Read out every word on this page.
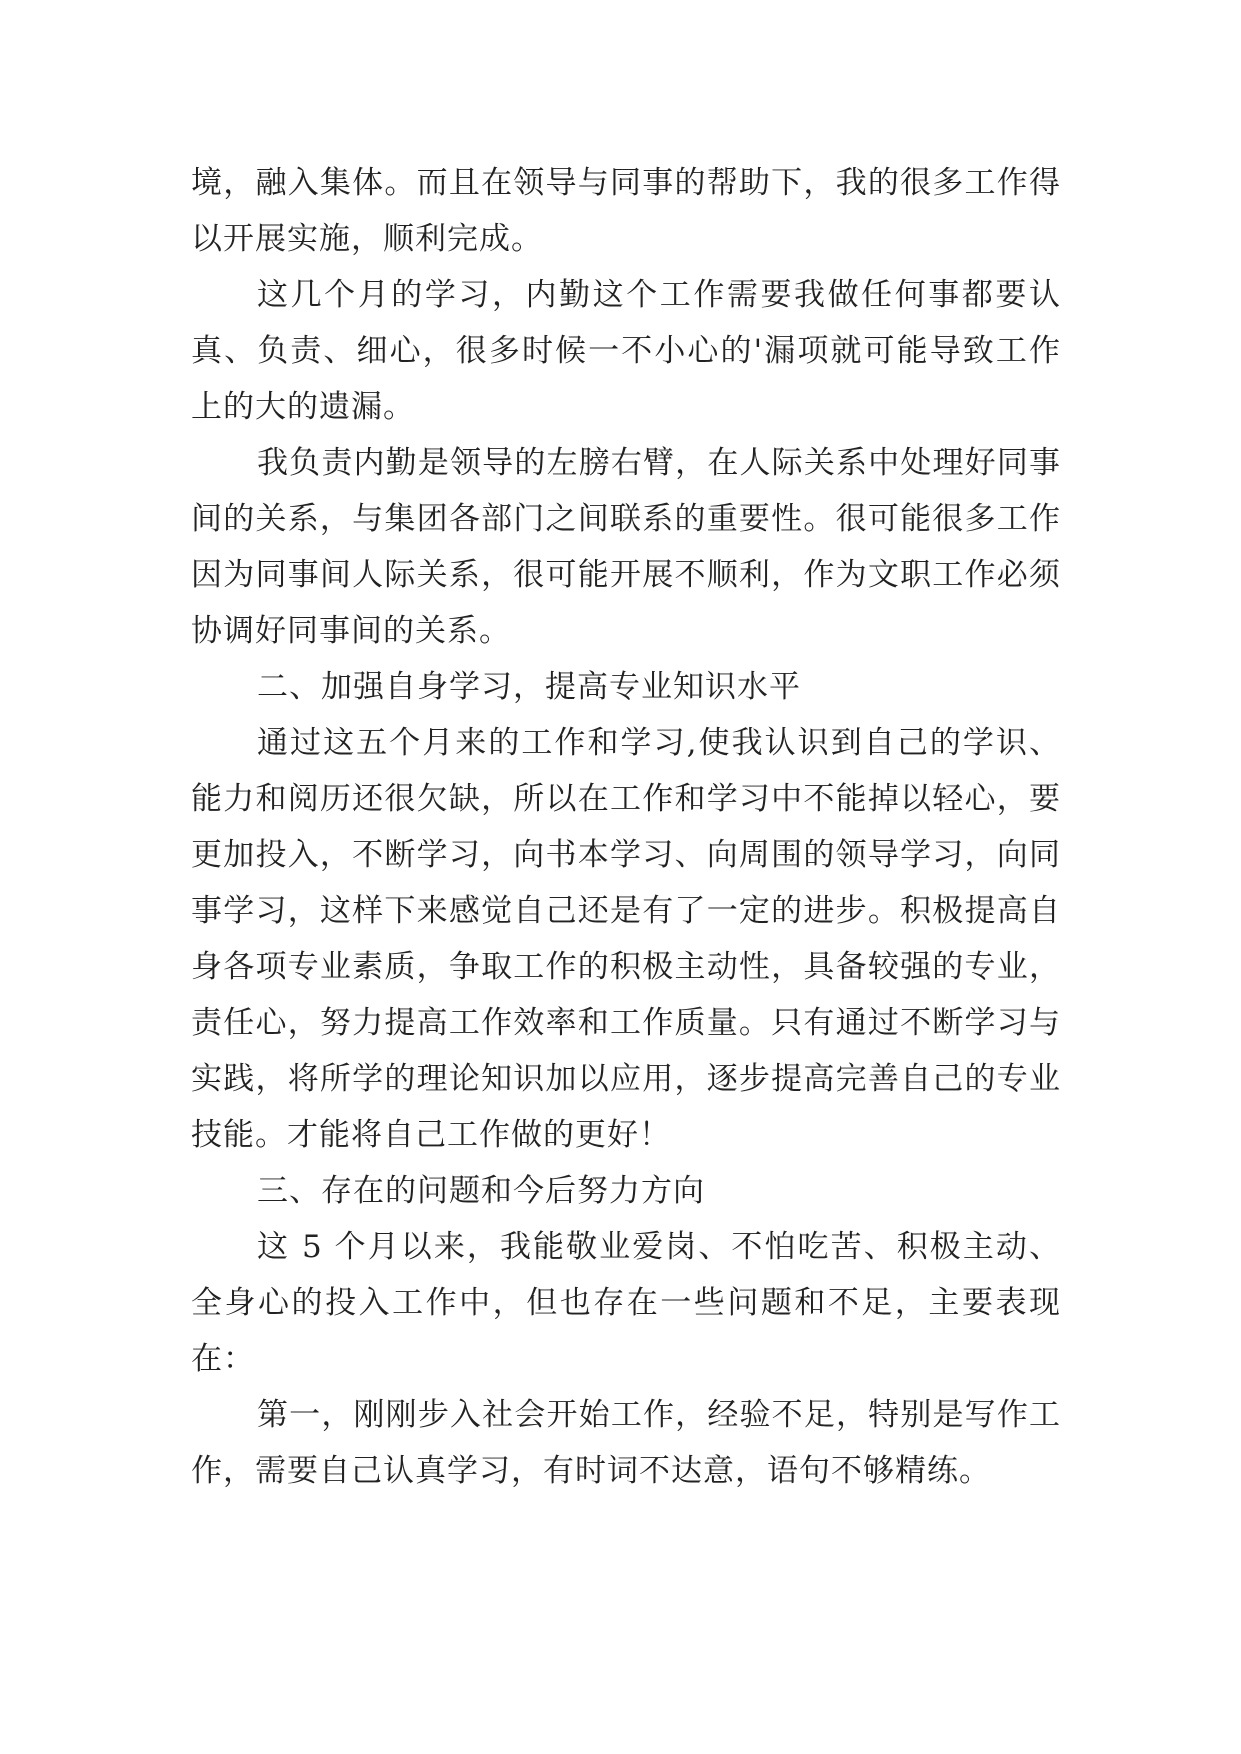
境，融入集体。而且在领导与同事的帮助下，我的很多工作得以开展实施，顺利完成。

这几个月的学习，内勤这个工作需要我做任何事都要认真、负责、细心，很多时候一不小心的'漏项就可能导致工作上的大的遗漏。

我负责内勤是领导的左膀右臂，在人际关系中处理好同事间的关系，与集团各部门之间联系的重要性。很可能很多工作因为同事间人际关系，很可能开展不顺利，作为文职工作必须协调好同事间的关系。

二、加强自身学习，提高专业知识水平

通过这五个月来的工作和学习,使我认识到自己的学识、能力和阅历还很欠缺，所以在工作和学习中不能掉以轻心，要更加投入，不断学习，向书本学习、向周围的领导学习，向同事学习，这样下来感觉自己还是有了一定的进步。积极提高自身各项专业素质，争取工作的积极主动性，具备较强的专业，责任心，努力提高工作效率和工作质量。只有通过不断学习与实践，将所学的理论知识加以应用，逐步提高完善自己的专业技能。才能将自己工作做的更好！

三、存在的问题和今后努力方向

这 5 个月以来，我能敬业爱岗、不怕吃苦、积极主动、全身心的投入工作中，但也存在一些问题和不足，主要表现在：

第一，刚刚步入社会开始工作，经验不足，特别是写作工作，需要自己认真学习，有时词不达意，语句不够精练。
